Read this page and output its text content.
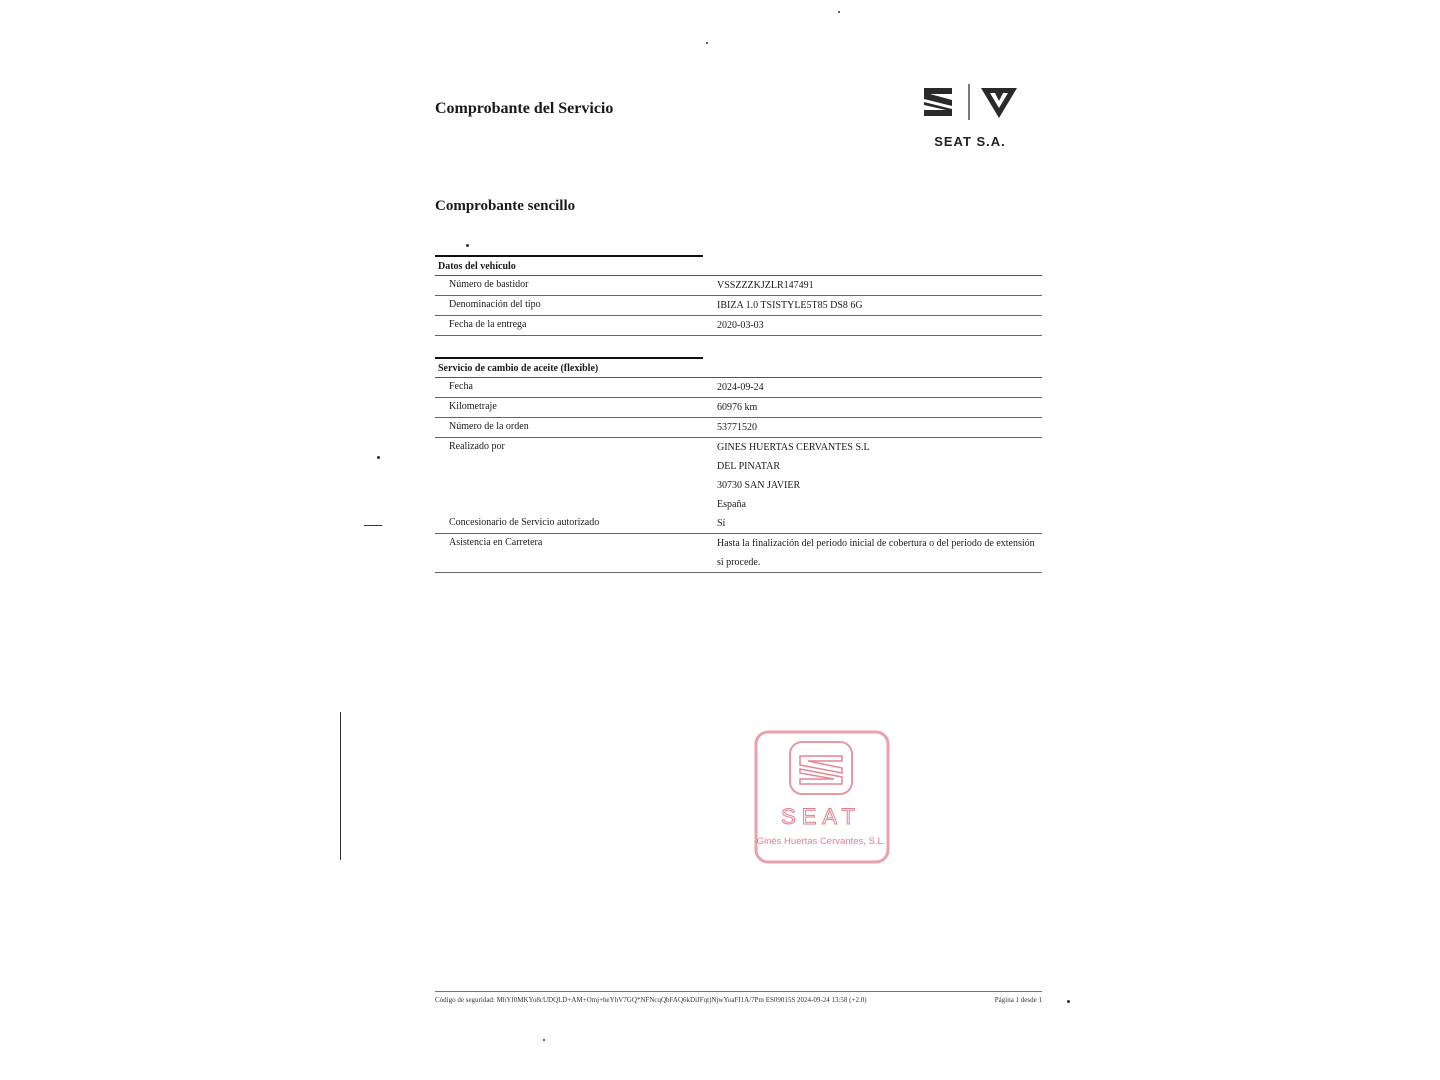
Comprobante del Servicio
SEAT S.A.
Comprobante sencillo
Datos del vehículo
Número de bastidor	VSSZZZKJZLR147491
Denominación del tipo	IBIZA 1.0 TSISTYLE5T85 DS8 6G
Fecha de la entrega	2020-03-03
Servicio de cambio de aceite (flexible)
Fecha	2024-09-24
Kilometraje	60976 km
Número de la orden	53771520
Realizado por	GINES HUERTAS CERVANTES S.L
DEL PINATAR
30730 SAN JAVIER
España
Concesionario de Servicio autorizado	Sí
Asistencia en Carretera	Hasta la finalización del periodo inicial de cobertura o del periodo de extensión si procede.
SEAT
Ginés Huertas Cervantes, S.L.
Código de seguridad: MhYf0MKYo8cUDQLD+AM+Omj+heYhV7GQ*NFNcqQbFAQ6kDiJFqt)NjwYoaFI1A/7Pm ES09015S 2024-09-24 13:58 (+2.0)	Página 1 desde 1
